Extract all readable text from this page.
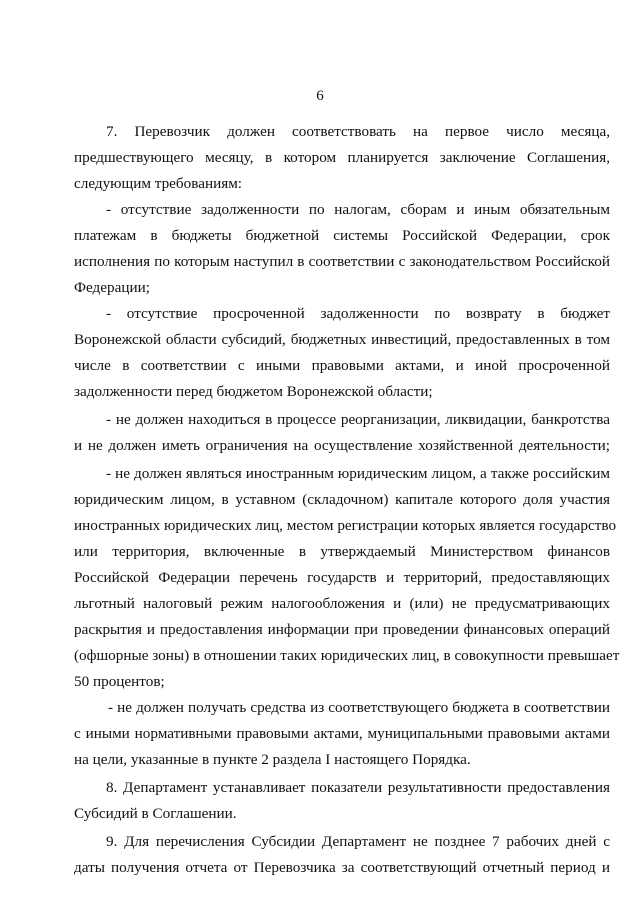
6
7. Перевозчик должен соответствовать на первое число месяца,
предшествующего месяцу, в котором планируется заключение Соглашения,
следующим требованиям:
- отсутствие задолженности по налогам, сборам и иным обязательным
платежам в бюджеты бюджетной системы Российской Федерации, срок
исполнения по которым наступил в соответствии с законодательством Российской
Федерации;
- отсутствие просроченной задолженности по возврату в бюджет
Воронежской области субсидий, бюджетных инвестиций, предоставленных в том
числе в соответствии с иными правовыми актами, и иной просроченной
задолженности перед бюджетом Воронежской области;
- не должен находиться в процессе реорганизации, ликвидации, банкротства
и не должен иметь ограничения на осуществление хозяйственной деятельности;
- не должен являться иностранным юридическим лицом, а также российским
юридическим лицом, в уставном (складочном) капитале которого доля участия
иностранных юридических лиц, местом регистрации которых является государство
или территория, включенные в утверждаемый Министерством финансов
Российской Федерации перечень государств и территорий, предоставляющих
льготный налоговый режим налогообложения и (или) не предусматривающих
раскрытия и предоставления информации при проведении финансовых операций
(офшорные зоны) в отношении таких юридических лиц, в совокупности превышает
50 процентов;
- не должен получать средства из соответствующего бюджета в соответствии
с иными нормативными правовыми актами, муниципальными правовыми актами
на цели, указанные в пункте 2 раздела I настоящего Порядка.
8. Департамент устанавливает показатели результативности предоставления
Субсидий в Соглашении.
9. Для перечисления Субсидии Департамент не позднее 7 рабочих дней с
даты получения отчета от Перевозчика за соответствующий отчетный период и
